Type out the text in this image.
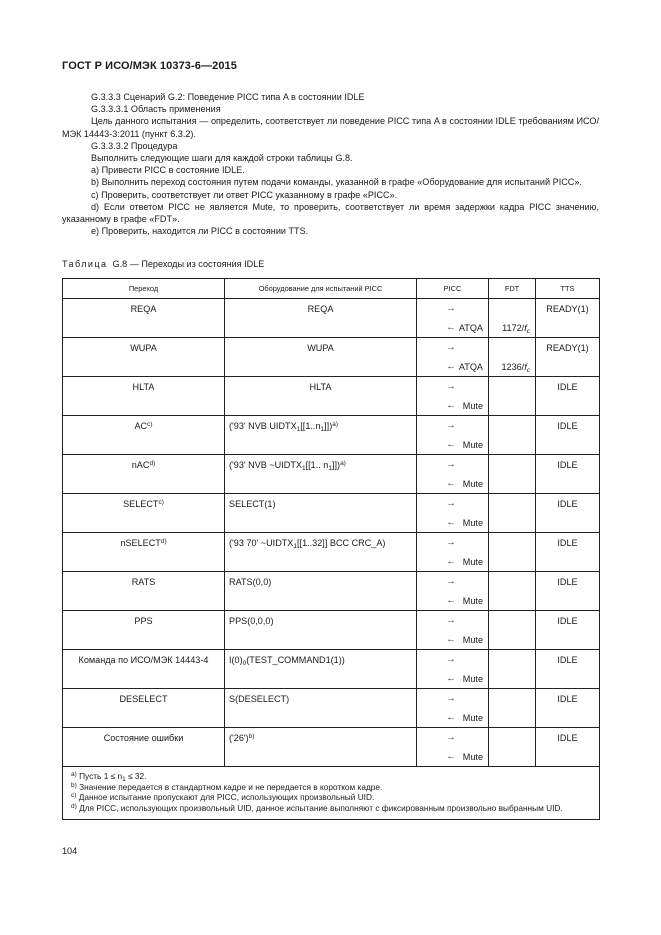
ГОСТ Р ИСО/МЭК 10373-6—2015

G.3.3.3 Сценарий G.2: Поведение PICC типа A в состоянии IDLE

G.3.3.3.1 Область применения

Цель данного испытания — определить, соответствует ли поведение PICC типа A в состоянии IDLE требованиям ИСО/МЭК 14443-3:2011 (пункт 6.3.2).

G.3.3.3.2 Процедура

Выполнить следующие шаги для каждой строки таблицы G.8.

a) Привести PICC в состояние IDLE.

b) Выполнить переход состояния путем подачи команды, указанной в графе «Оборудование для испытаний PICC».

c) Проверить, соответствует ли ответ PICC указанному в графе «PICC».

d) Если ответом PICC не является Mute, то проверить, соответствует ли время задержки кадра PICC значению, указанному в графе «FDT».

e) Проверить, находится ли PICC в состоянии TTS.

Таблица G.8 — Переходы из состояния IDLE
Переход	Оборудование для испытаний PICC	PICC	FDT	TTS
REQA	REQA	→		READY(1)

		← ATQA	$1172/f_c$
WUPA	WUPA	→		READY(1)

		← ATQA	$1236/f_c$
HLTA	HLTA	→		IDLE

		← Mute		

AC$^{c)}$	('93' NVB $UIDTX_1[[1..n_1]])^{a)}$	→		IDLE

		← Mute		

nAC$^{d)}$	('93' NVB $\sim UIDTX_1[[1$.. $n_1]])^{a)}$	→		IDLE

		← Mute		

SELECT$^{c)}$	SELECT(1)	→		IDLE

		← Mute		

nSELECT$^{d)}$	('93 70' $\sim UIDTX_1[[1..32]]$ BCC CRC_A)	→		IDLE

		← Mute		

RATS	RATS(0,0)	→		IDLE

		← Mute		

PPS	PPS(0,0,0)	→		IDLE

		← Mute		

Команда по ИСО/МЭК 14443-4	$I(0)_0(TEST\_COMMAND1(1))$	→		IDLE

		← Mute		

DESELECT	S(DESELECT)	→		IDLE

		← Mute		

Состояние ошибки	$('26')^{b)}$	→		IDLE

		← Mute		

$^{a)}$ Пусть $1 \le n_1 \le 32$.
$^{b)}$ Значение передается в стандартном кадре и не передается в коротком кадре.
$^{c)}$ Данное испытание пропускают для PICC, использующих произвольный UID.
$^{d)}$ Для PICC, использующих произвольный UID, данное испытание выполняют с фиксированным произвольно выбранным UID.				
104
